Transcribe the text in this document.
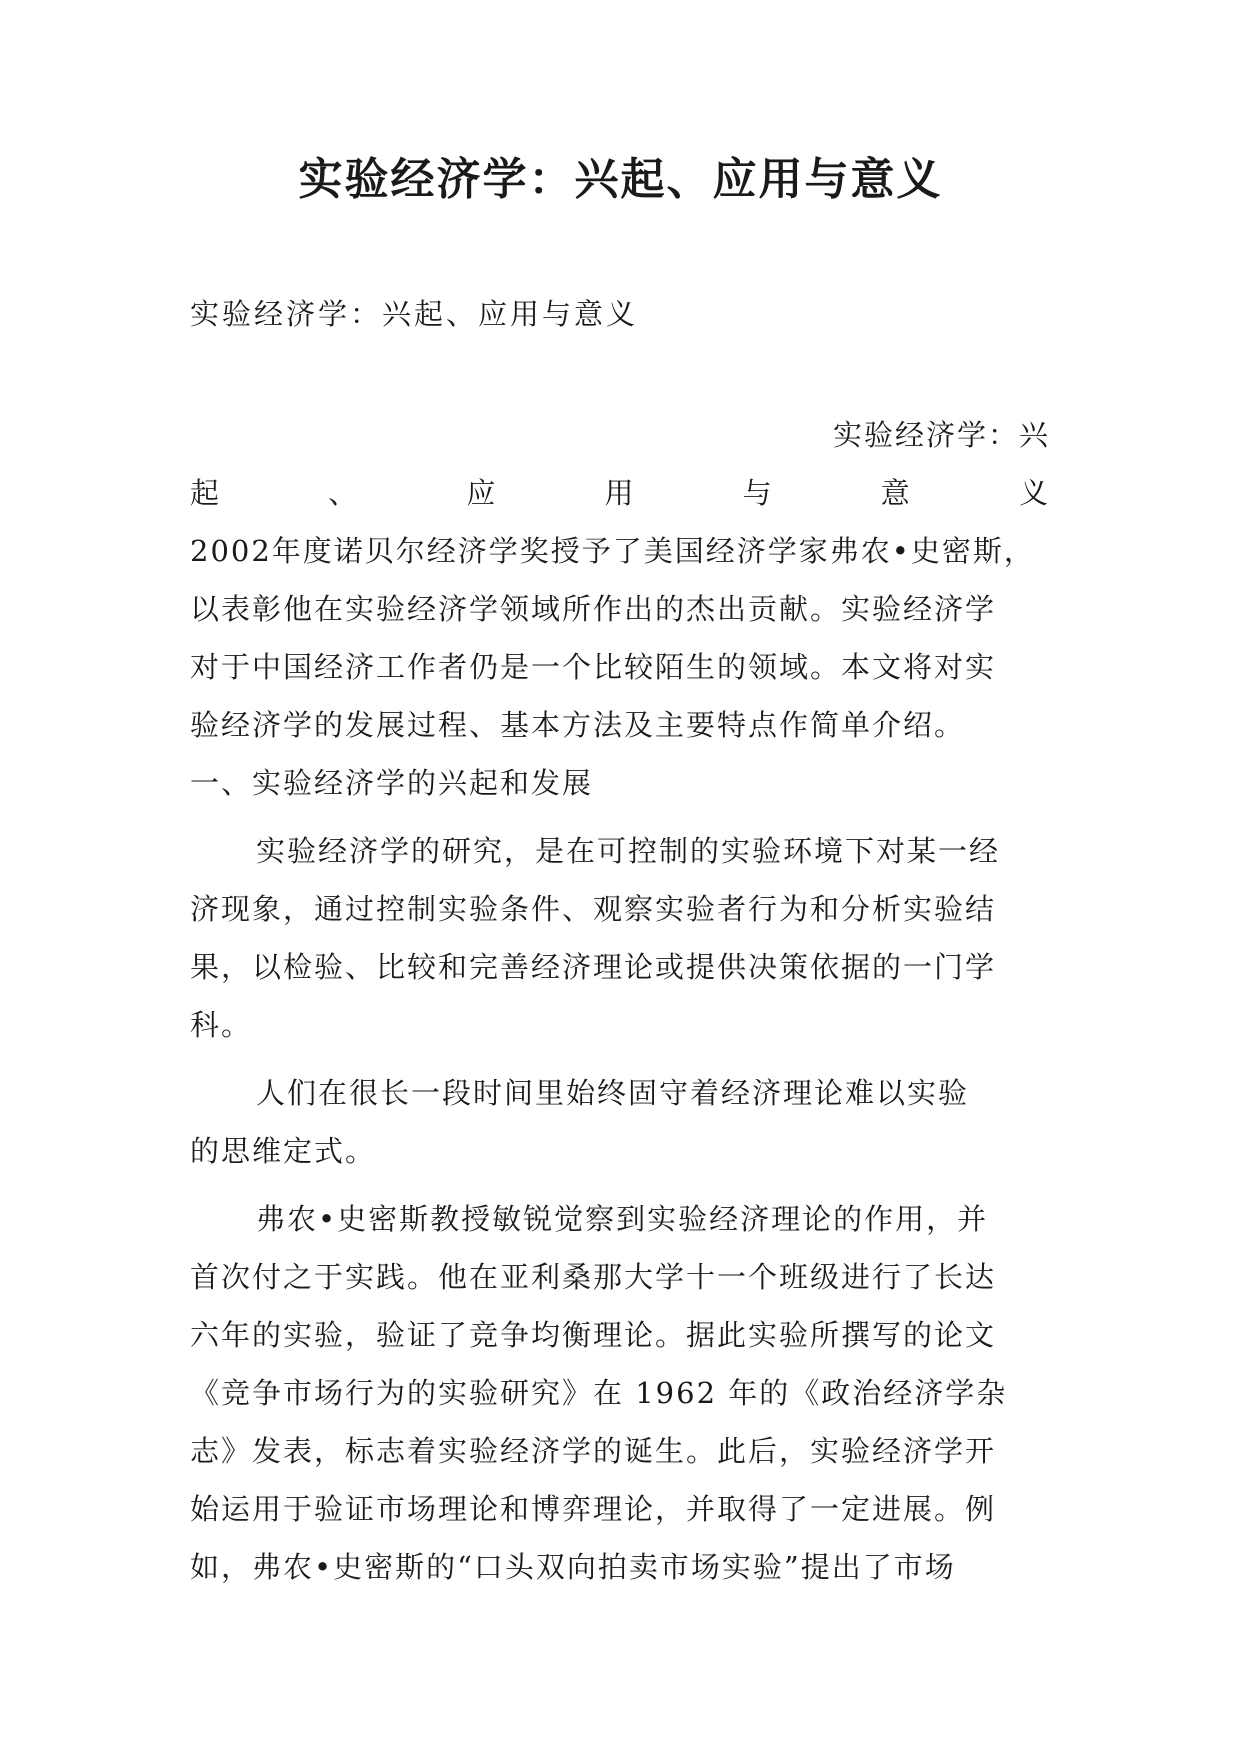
实验经济学：兴起、应用与意义
实验经济学：兴起、应用与意义
实验经济学：兴
起	、	应	用	与	意	义
2002年度诺贝尔经济学奖授予了美国经济学家弗农•史密斯，
以表彰他在实验经济学领域所作出的杰出贡献。实验经济学
对于中国经济工作者仍是一个比较陌生的领域。本文将对实
验经济学的发展过程、基本方法及主要特点作简单介绍。
一、实验经济学的兴起和发展
实验经济学的研究，是在可控制的实验环境下对某一经
济现象，通过控制实验条件、观察实验者行为和分析实验结
果，以检验、比较和完善经济理论或提供决策依据的一门学
科。
人们在很长一段时间里始终固守着经济理论难以实验
的思维定式。
弗农•史密斯教授敏锐觉察到实验经济理论的作用，并
首次付之于实践。他在亚利桑那大学十一个班级进行了长达
六年的实验，验证了竞争均衡理论。据此实验所撰写的论文
《竞争市场行为的实验研究》在 1962 年的《政治经济学杂
志》发表，标志着实验经济学的诞生。此后，实验经济学开
始运用于验证市场理论和博弈理论，并取得了一定进展。例
如，弗农•史密斯的“口头双向拍卖市场实验”提出了市场
